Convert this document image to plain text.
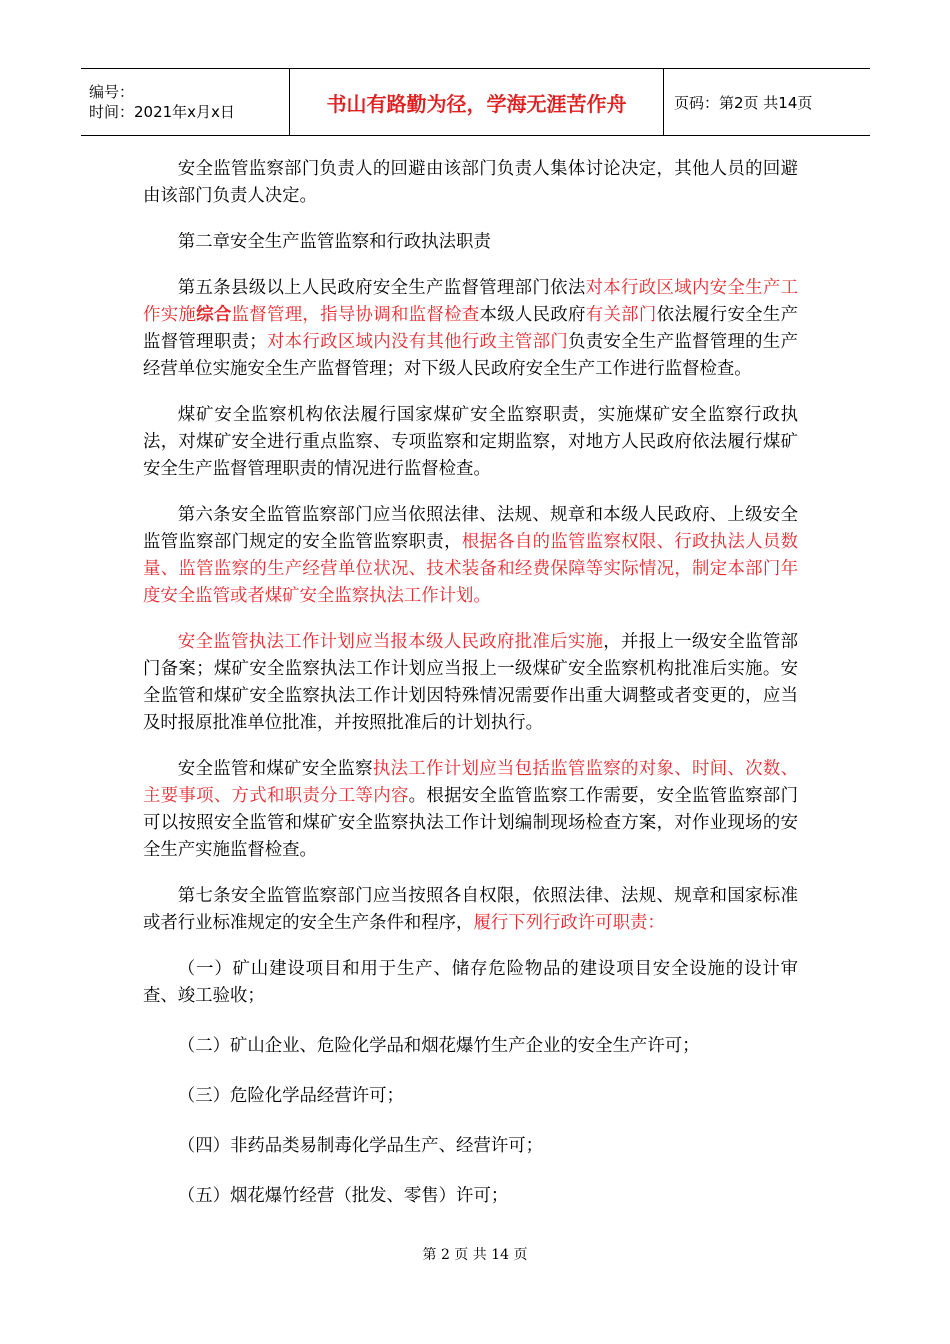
编号：
时间：2021年x月x日	书山有路勤为径，学海无涯苦作舟	页码：第2页 共14页

安全监管监察部门负责人的回避由该部门负责人集体讨论决定，其他人员的回避由该部门负责人决定。

第二章安全生产监管监察和行政执法职责

第五条县级以上人民政府安全生产监督管理部门依法对本行政区域内安全生产工作实施综合监督管理，指导协调和监督检查本级人民政府有关部门依法履行安全生产监督管理职责；对本行政区域内没有其他行政主管部门负责安全生产监督管理的生产经营单位实施安全生产监督管理；对下级人民政府安全生产工作进行监督检查。

煤矿安全监察机构依法履行国家煤矿安全监察职责，实施煤矿安全监察行政执法，对煤矿安全进行重点监察、专项监察和定期监察，对地方人民政府依法履行煤矿安全生产监督管理职责的情况进行监督检查。

第六条安全监管监察部门应当依照法律、法规、规章和本级人民政府、上级安全监管监察部门规定的安全监管监察职责，根据各自的监管监察权限、行政执法人员数量、监管监察的生产经营单位状况、技术装备和经费保障等实际情况，制定本部门年度安全监管或者煤矿安全监察执法工作计划。

安全监管执法工作计划应当报本级人民政府批准后实施，并报上一级安全监管部门备案；煤矿安全监察执法工作计划应当报上一级煤矿安全监察机构批准后实施。安全监管和煤矿安全监察执法工作计划因特殊情况需要作出重大调整或者变更的，应当及时报原批准单位批准，并按照批准后的计划执行。

安全监管和煤矿安全监察执法工作计划应当包括监管监察的对象、时间、次数、主要事项、方式和职责分工等内容。根据安全监管监察工作需要，安全监管监察部门可以按照安全监管和煤矿安全监察执法工作计划编制现场检查方案，对作业现场的安全生产实施监督检查。

第七条安全监管监察部门应当按照各自权限，依照法律、法规、规章和国家标准或者行业标准规定的安全生产条件和程序，履行下列行政许可职责：

（一）矿山建设项目和用于生产、储存危险物品的建设项目安全设施的设计审查、竣工验收；

（二）矿山企业、危险化学品和烟花爆竹生产企业的安全生产许可；

（三）危险化学品经营许可；

（四）非药品类易制毒化学品生产、经营许可；

（五）烟花爆竹经营（批发、零售）许可；

第 2 页 共 14 页
